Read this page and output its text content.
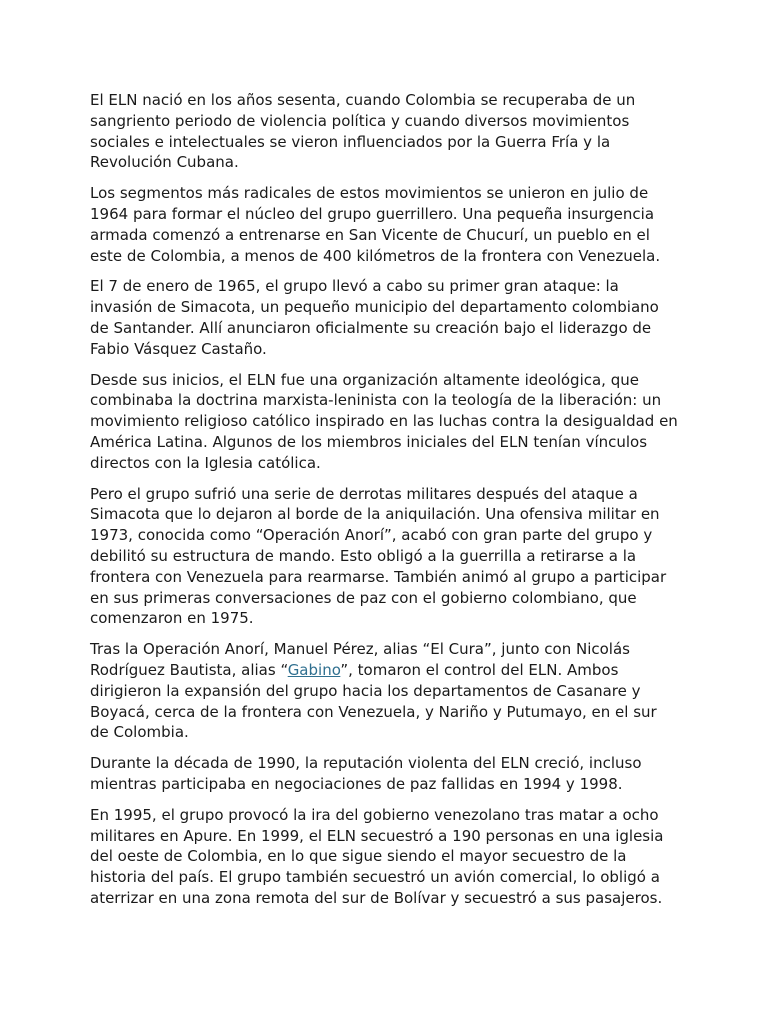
El ELN nació en los años sesenta, cuando Colombia se recuperaba de un sangriento periodo de violencia política y cuando diversos movimientos sociales e intelectuales se vieron influenciados por la Guerra Fría y la Revolución Cubana.

Los segmentos más radicales de estos movimientos se unieron en julio de 1964 para formar el núcleo del grupo guerrillero. Una pequeña insurgencia armada comenzó a entrenarse en San Vicente de Chucurí, un pueblo en el este de Colombia, a menos de 400 kilómetros de la frontera con Venezuela.

El 7 de enero de 1965, el grupo llevó a cabo su primer gran ataque: la invasión de Simacota, un pequeño municipio del departamento colombiano de Santander. Allí anunciaron oficialmente su creación bajo el liderazgo de Fabio Vásquez Castaño.

Desde sus inicios, el ELN fue una organización altamente ideológica, que combinaba la doctrina marxista-leninista con la teología de la liberación: un movimiento religioso católico inspirado en las luchas contra la desigualdad en América Latina. Algunos de los miembros iniciales del ELN tenían vínculos directos con la Iglesia católica.

Pero el grupo sufrió una serie de derrotas militares después del ataque a Simacota que lo dejaron al borde de la aniquilación. Una ofensiva militar en 1973, conocida como “Operación Anorí”, acabó con gran parte del grupo y debilitó su estructura de mando. Esto obligó a la guerrilla a retirarse a la frontera con Venezuela para rearmarse. También animó al grupo a participar en sus primeras conversaciones de paz con el gobierno colombiano, que comenzaron en 1975.

Tras la Operación Anorí, Manuel Pérez, alias “El Cura”, junto con Nicolás Rodríguez Bautista, alias “Gabino”, tomaron el control del ELN. Ambos dirigieron la expansión del grupo hacia los departamentos de Casanare y Boyacá, cerca de la frontera con Venezuela, y Nariño y Putumayo, en el sur de Colombia.

Durante la década de 1990, la reputación violenta del ELN creció, incluso mientras participaba en negociaciones de paz fallidas en 1994 y 1998.

En 1995, el grupo provocó la ira del gobierno venezolano tras matar a ocho militares en Apure. En 1999, el ELN secuestró a 190 personas en una iglesia del oeste de Colombia, en lo que sigue siendo el mayor secuestro de la historia del país. El grupo también secuestró un avión comercial, lo obligó a aterrizar en una zona remota del sur de Bolívar y secuestró a sus pasajeros.
